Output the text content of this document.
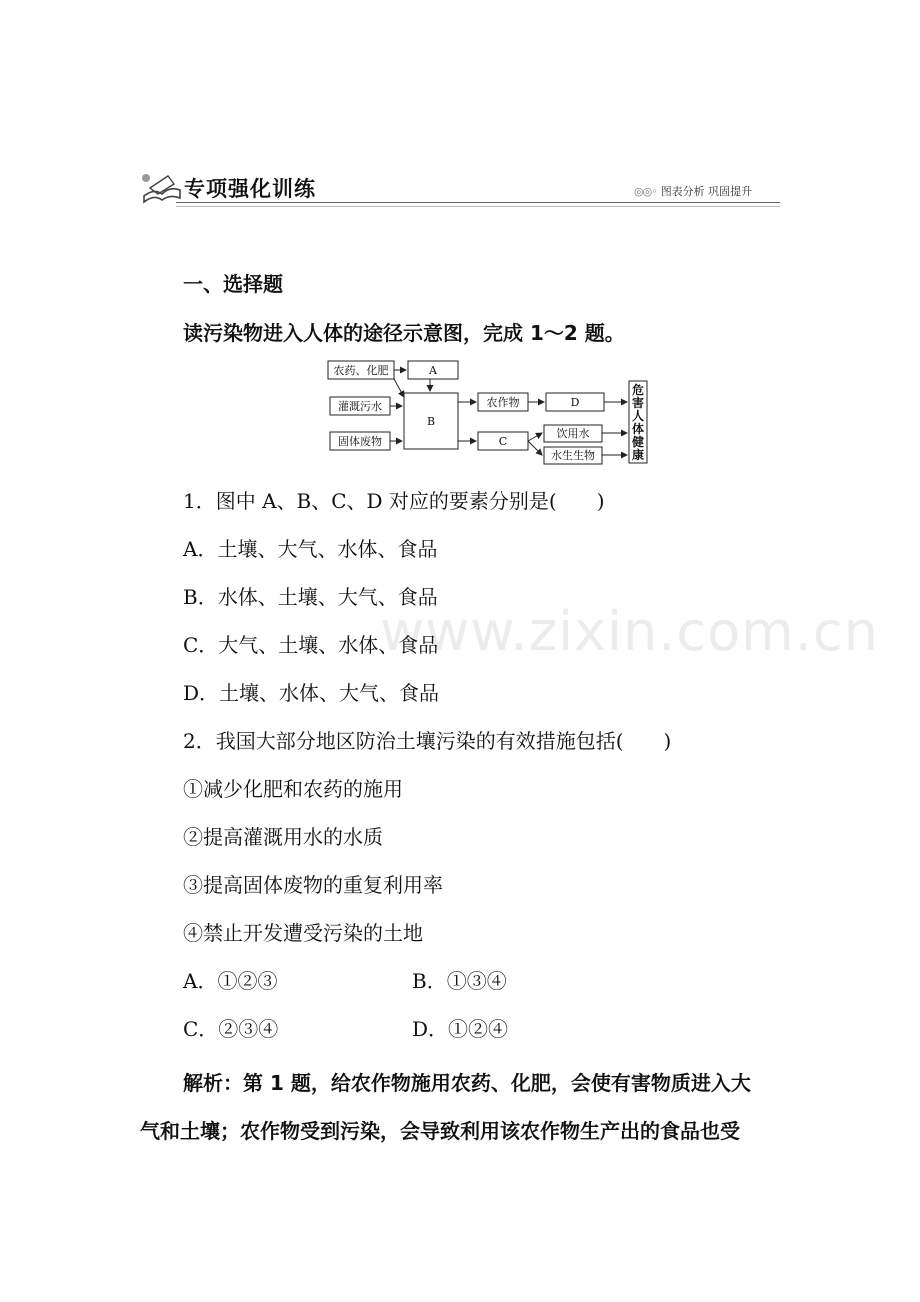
专项强化训练	◎◎◦ 图表分析 巩固提升
www.zixin.com.cn
一、选择题
读污染物进入人体的途径示意图，完成 1～2 题。
农药、化肥	A
灌溉污水
固体废物
B
农作物	D
C
饮用水
水生生物
危
害
人
体
健
康
1．图中 A、B、C、D 对应的要素分别是(　　)
A．土壤、大气、水体、食品
B．水体、土壤、大气、食品
C．大气、土壤、水体、食品
D．土壤、水体、大气、食品
2．我国大部分地区防治土壤污染的有效措施包括(　　)
①减少化肥和农药的施用
②提高灌溉用水的水质
③提高固体废物的重复利用率
④禁止开发遭受污染的土地
A．①②③	B．①③④
C．②③④	D．①②④
解析：第 1 题，给农作物施用农药、化肥，会使有害物质进入大
气和土壤；农作物受到污染，会导致利用该农作物生产出的食品也受
